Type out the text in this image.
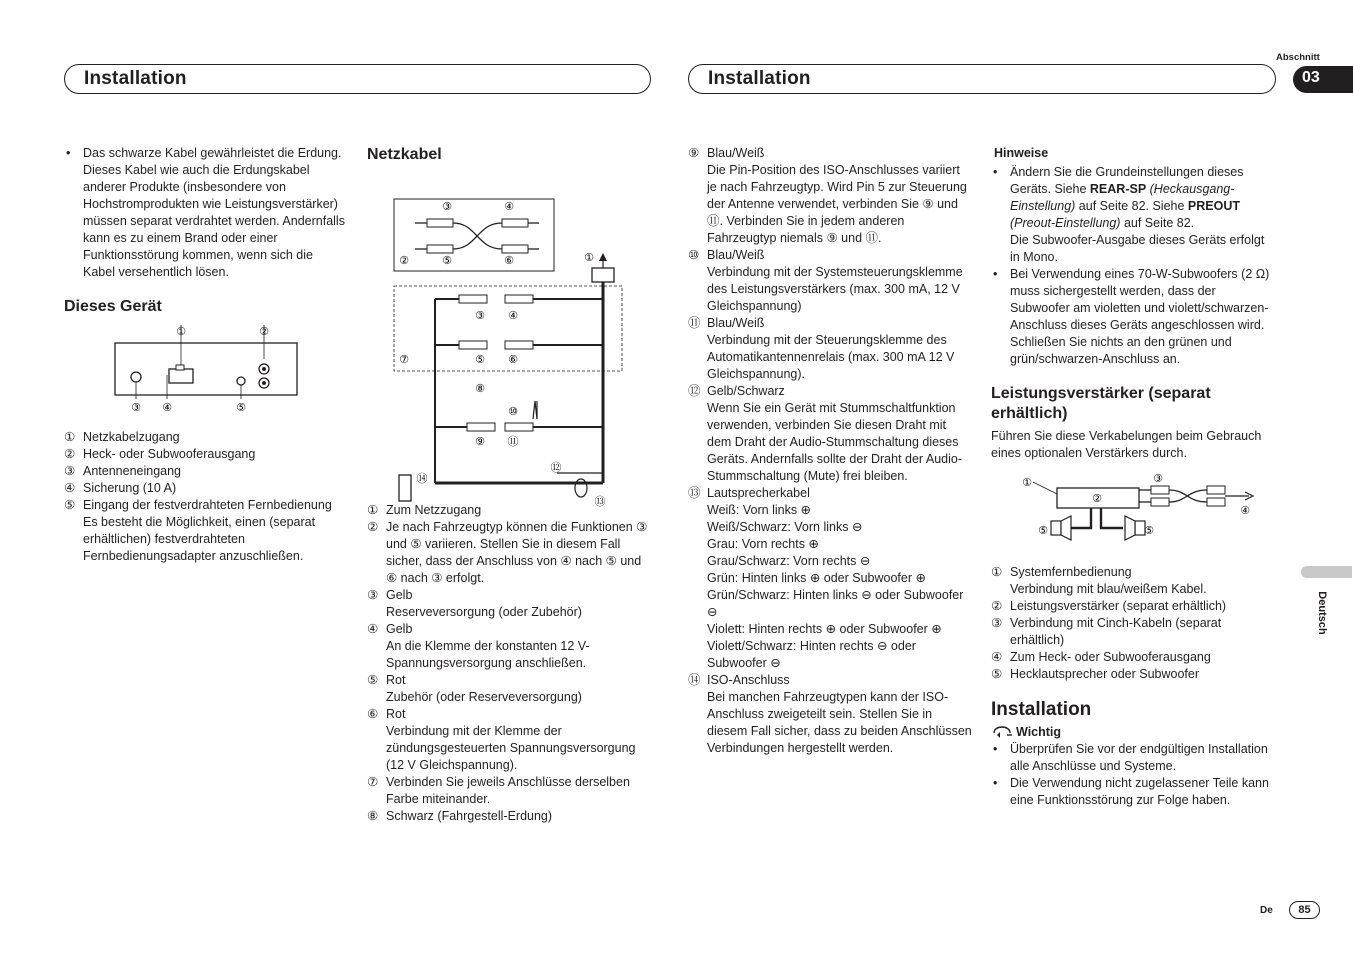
Installation	Installation
Abschnitt
03
Deutsch
• Das schwarze Kabel gewährleistet die Erdung. Dieses Kabel wie auch die Erdungskabel anderer Produkte (insbesondere von Hochstromprodukten wie Leistungsverstärker) müssen separat verdrahtet werden. Andernfalls kann es zu einem Brand oder einer Funktionsstörung kommen, wenn sich die Kabel versehentlich lösen.
Dieses Gerät
①	②
③ ④	⑤
① Netzkabelzugang
② Heck- oder Subwooferausgang
③ Antenneneingang
④ Sicherung (10 A)
⑤ Eingang der festverdrahteten Fernbedienung Es besteht die Möglichkeit, einen (separat erhältlichen) festverdrahteten Fernbedienungsadapter anzuschließen.
Netzkabel
③	④
②	⑤	⑥	①
③ ④
⑦	⑤ ⑥
⑧
⑩
⑨ ⑪
⑫
⑭
⑬
① Zum Netzzugang
② Je nach Fahrzeugtyp können die Funktionen ③ und ⑤ variieren. Stellen Sie in diesem Fall sicher, dass der Anschluss von ④ nach ⑤ und ⑥ nach ③ erfolgt.
③ Gelb
Reserveversorgung (oder Zubehör)
④ Gelb
An die Klemme der konstanten 12 V-Spannungsversorgung anschließen.
⑤ Rot
Zubehör (oder Reserveversorgung)
⑥ Rot
Verbindung mit der Klemme der zündungsgesteuerten Spannungsversorgung (12 V Gleichspannung).
⑦ Verbinden Sie jeweils Anschlüsse derselben Farbe miteinander.
⑧ Schwarz (Fahrgestell-Erdung)
⑨ Blau/Weiß
Die Pin-Position des ISO-Anschlusses variiert je nach Fahrzeugtyp. Wird Pin 5 zur Steuerung der Antenne verwendet, verbinden Sie ⑨ und ⑪. Verbinden Sie in jedem anderen Fahrzeugtyp niemals ⑨ und ⑪.
⑩ Blau/Weiß
Verbindung mit der Systemsteuerungsklemme des Leistungsverstärkers (max. 300 mA, 12 V Gleichspannung)
⑪ Blau/Weiß
Verbindung mit der Steuerungsklemme des Automatikantennenrelais (max. 300 mA 12 V Gleichspannung).
⑫ Gelb/Schwarz
Wenn Sie ein Gerät mit Stummschaltfunktion verwenden, verbinden Sie diesen Draht mit dem Draht der Audio-Stummschaltung dieses Geräts. Andernfalls sollte der Draht der Audio-Stummschaltung (Mute) frei bleiben.
⑬ Lautsprecherkabel
Weiß: Vorn links ⊕
Weiß/Schwarz: Vorn links ⊖
Grau: Vorn rechts ⊕
Grau/Schwarz: Vorn rechts ⊖
Grün: Hinten links ⊕ oder Subwoofer ⊕
Grün/Schwarz: Hinten links ⊖ oder Subwoofer ⊖
Violett: Hinten rechts ⊕ oder Subwoofer ⊕
Violett/Schwarz: Hinten rechts ⊖ oder Subwoofer ⊖
⑭ ISO-Anschluss
Bei manchen Fahrzeugtypen kann der ISO-Anschluss zweigeteilt sein. Stellen Sie in diesem Fall sicher, dass zu beiden Anschlüssen Verbindungen hergestellt werden.
Hinweise
• Ändern Sie die Grundeinstellungen dieses Geräts. Siehe REAR-SP (Heckausgang-Einstellung) auf Seite 82. Siehe PREOUT (Preout-Einstellung) auf Seite 82.
Die Subwoofer-Ausgabe dieses Geräts erfolgt in Mono.
• Bei Verwendung eines 70-W-Subwoofers (2 Ω) muss sichergestellt werden, dass der Subwoofer am violetten und violett/schwarzen-Anschluss dieses Geräts angeschlossen wird. Schließen Sie nichts an den grünen und grün/schwarzen-Anschluss an.
Leistungsverstärker (separat erhältlich)
Führen Sie diese Verkabelungen beim Gebrauch eines optionalen Verstärkers durch.
①
②
③
④
⑤	⑤
① Systemfernbedienung
Verbindung mit blau/weißem Kabel.
② Leistungsverstärker (separat erhältlich)
③ Verbindung mit Cinch-Kabeln (separat erhältlich)
④ Zum Heck- oder Subwooferausgang
⑤ Hecklautsprecher oder Subwoofer
Installation
Wichtig
• Überprüfen Sie vor der endgültigen Installation alle Anschlüsse und Systeme.
• Die Verwendung nicht zugelassener Teile kann eine Funktionsstörung zur Folge haben.
De	85
